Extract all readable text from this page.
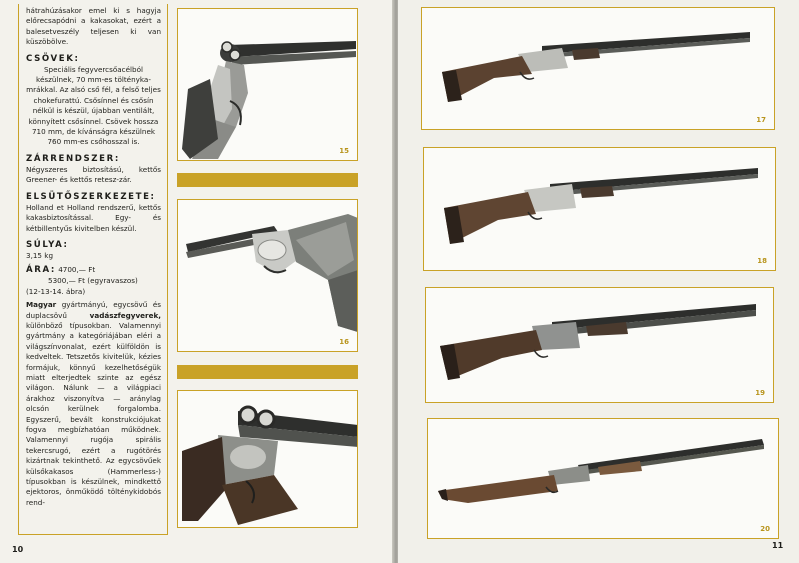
hátrahúzásakor emel ki s hagyja előrecsapódni a kakasokat, ezért a balesetveszély teljesen ki van küszöbölve.

CSÖVEK:

Speciális fegyvercsőacélból készülnek, 70 mm-es tölténykamrákkal. Az alsó cső fél, a felső teljes chokefurattú. Csősínnel és csősín nélkül is készül, újabban ventilált, könnyített csősínnel. Csövek hossza 710 mm, de kívánságra készülnek 760 mm-es csőhosszal is.

ZÁRRENDSZER:

Négyszeres biztosítású, kettős Greener- és kettős retesz-zár.

ELSÜTŐSZERKEZETE:

Holland et Holland rendszerű, kettős kakasbiztosítással. Egy- és kétbillentyűs kivitelben készül.

SÚLYA:

3,15 kg

ÁRA: 4700,— Ft

5300,— Ft (egyravaszos)

(12-13-14. ábra)

Magyar gyártmányú, egycsövű és duplacsövű vadászfegyverek, különböző típusokban. Valamennyi gyártmány a kategóriájában eléri a világszínvonalat, ezért külföldön is kedveltek. Tetszetős kivitelük, kézies formájuk, könnyű kezelhetőségük miatt elterjedtek szinte az egész világon. Nálunk — a világpiaci árakhoz viszonyítva — aránylag olcsón kerülnek forgalomba. Egyszerű, bevált konstrukciójukat fogva megbízhatóan működnek. Valamennyi rugója spirális tekercsrugó, ezért a rugótörés kizártnak tekinthető. Az egycsövűek külsőkakasos (Hammerless-) típusokban is készülnek, mindkettő ejektoros, önműködő tölténykidobós rend-

15
16
10
17
18
19
20
11
